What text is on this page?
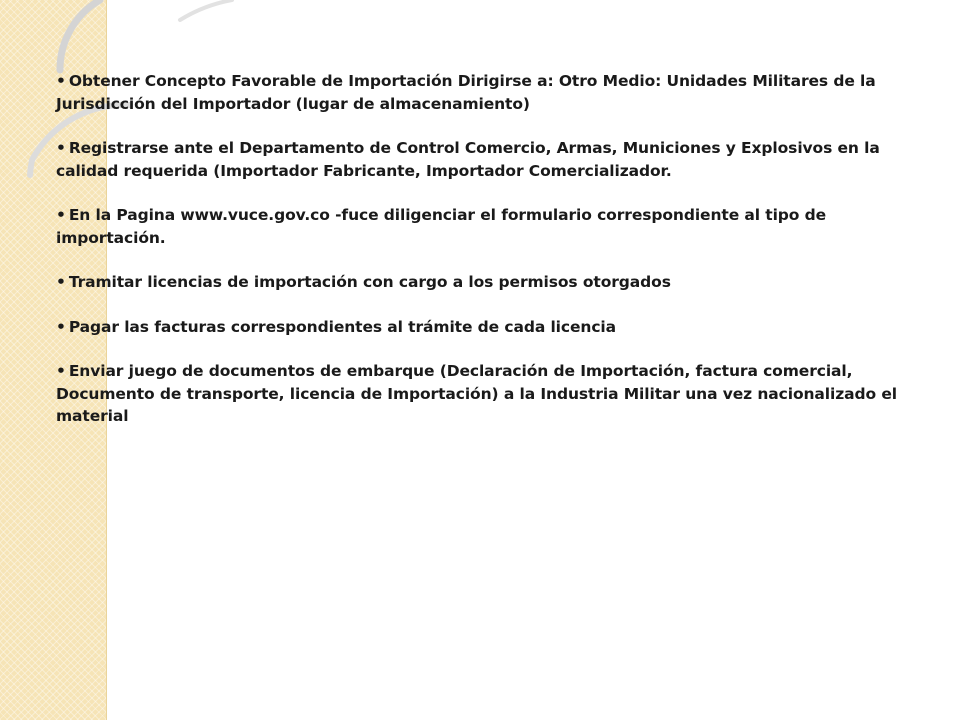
• Obtener Concepto Favorable de Importación Dirigirse a: Otro Medio: Unidades Militares de la Jurisdicción del Importador (lugar de almacenamiento)

• Registrarse ante el Departamento de Control Comercio, Armas, Municiones y Explosivos en la calidad requerida (Importador Fabricante, Importador Comercializador.

• En la Pagina www.vuce.gov.co -fuce diligenciar el formulario correspondiente al tipo de importación.

• Tramitar licencias de importación con cargo a los permisos otorgados

• Pagar las facturas correspondientes al trámite de cada licencia

• Enviar juego de documentos de embarque (Declaración de Importación, factura comercial, Documento de transporte, licencia de Importación) a la Industria Militar una vez nacionalizado el material
